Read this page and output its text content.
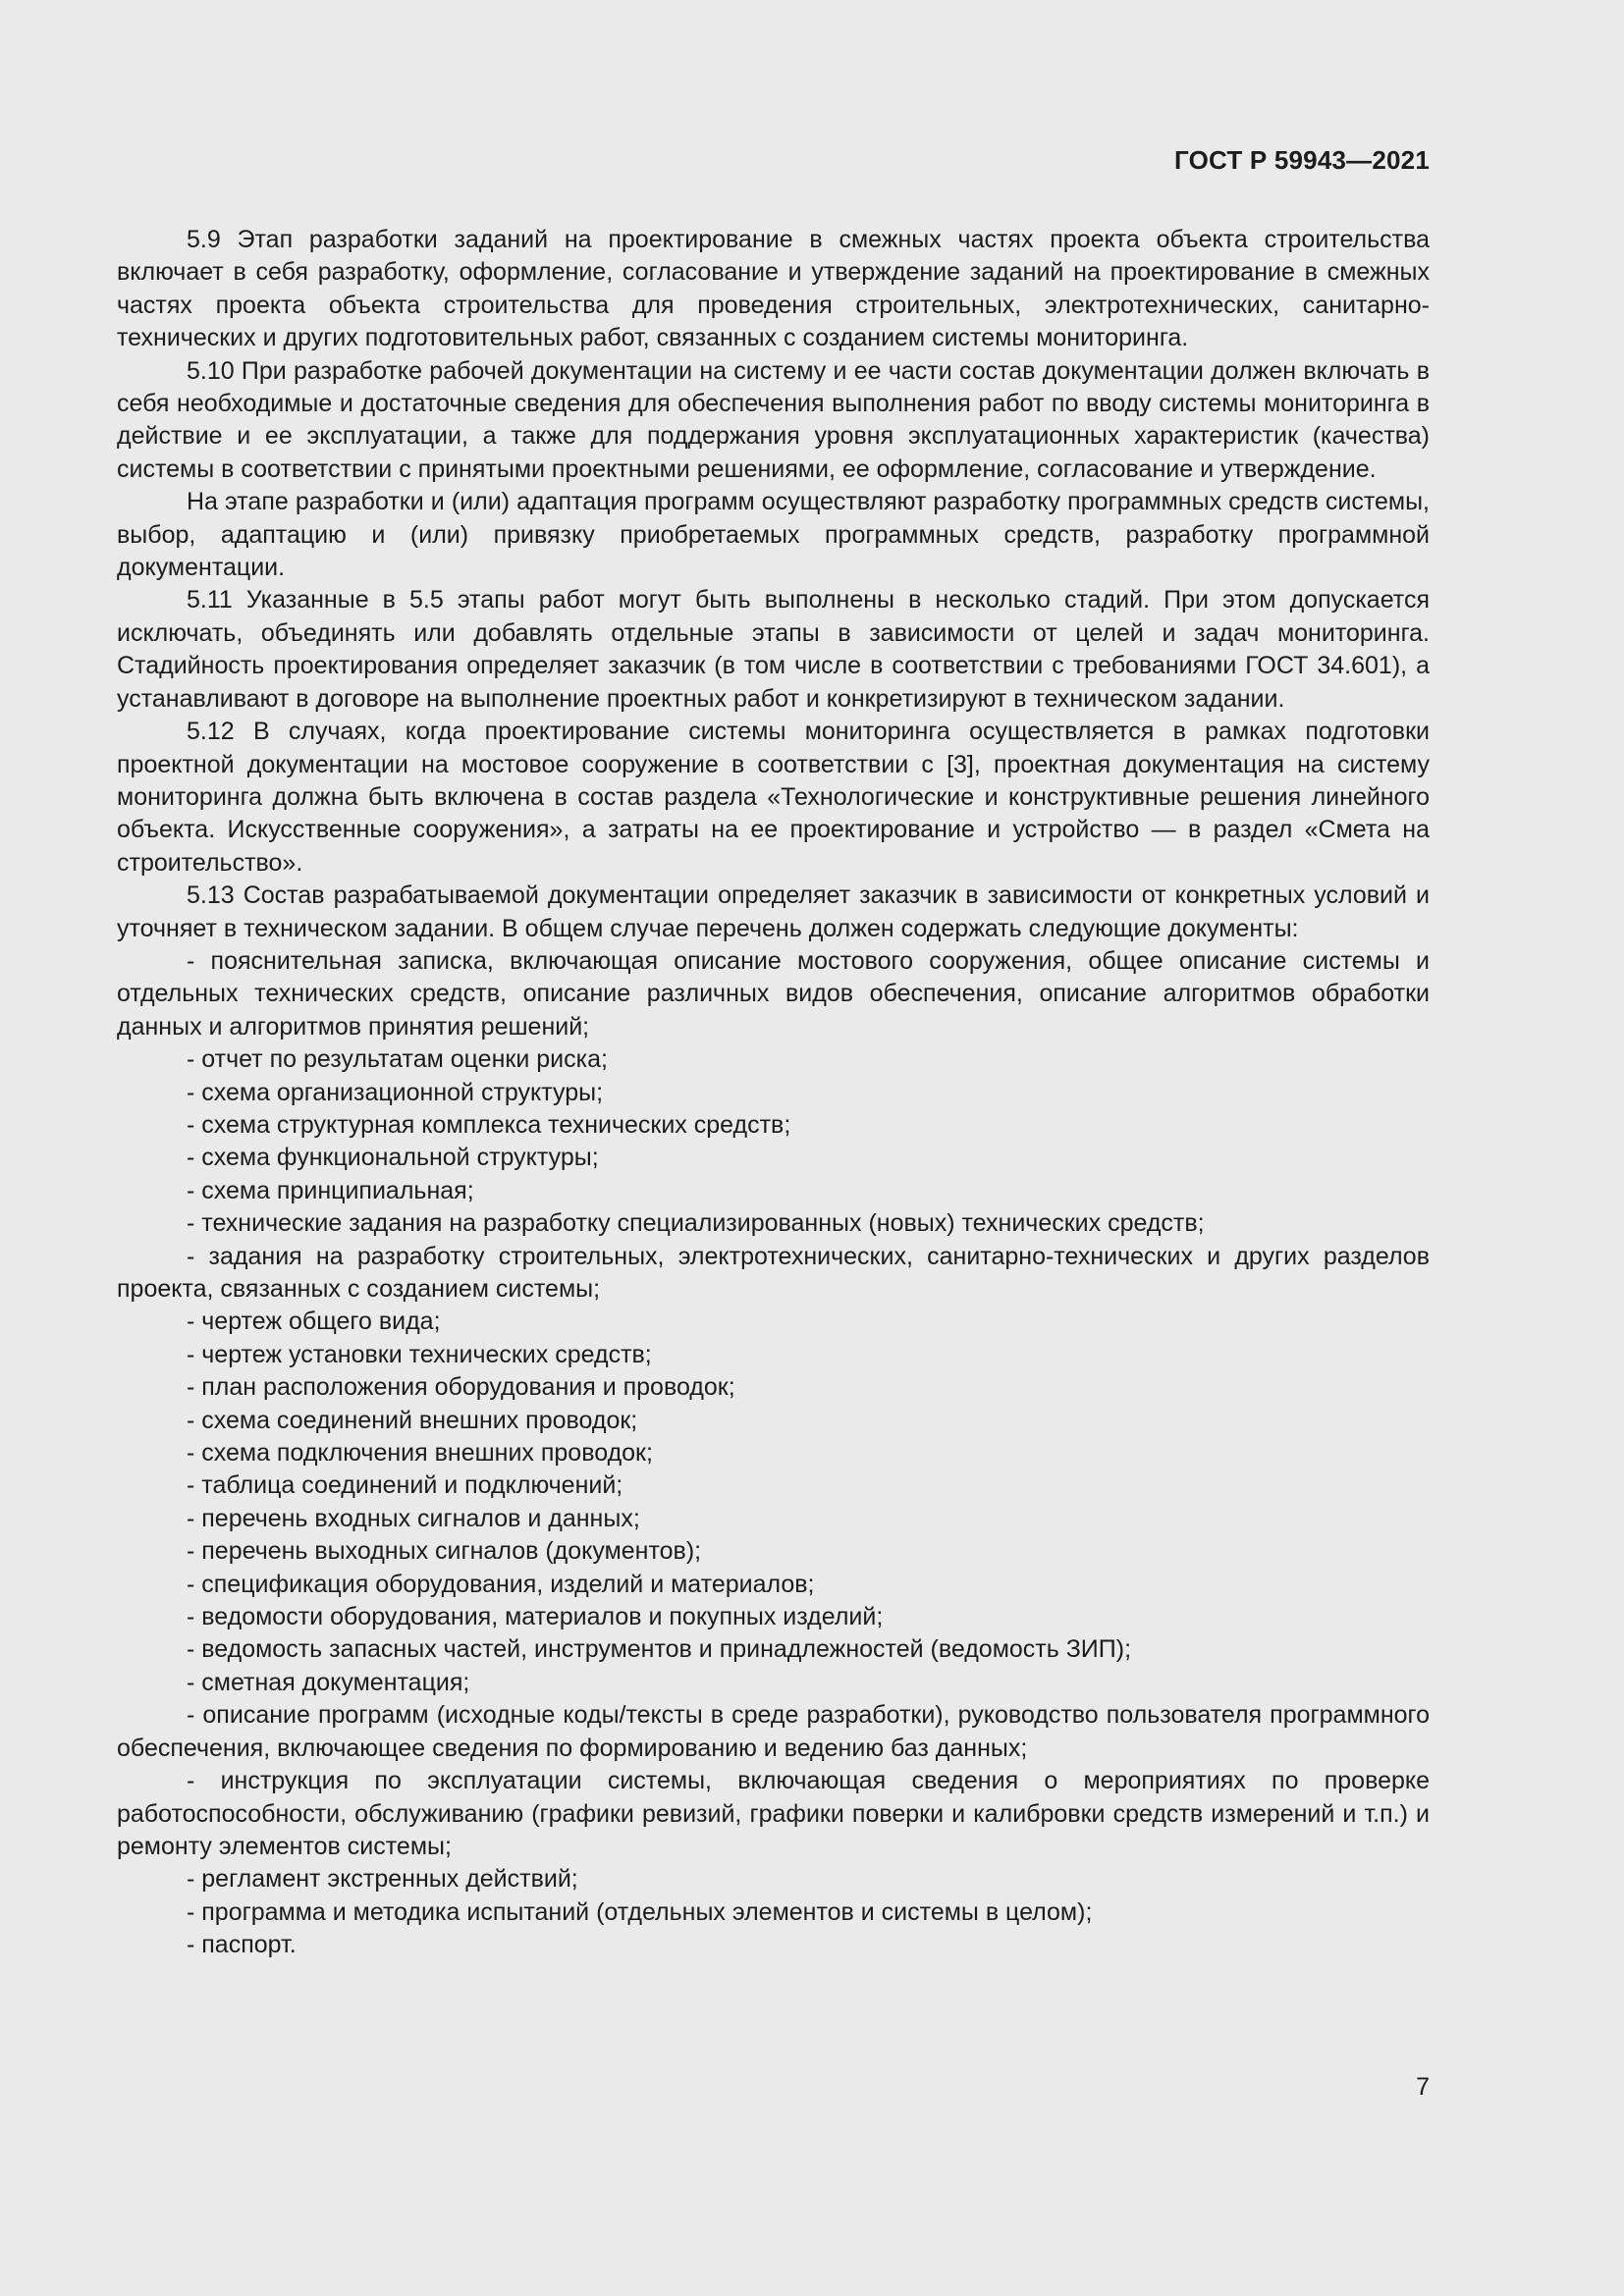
ГОСТ Р 59943—2021

5.9 Этап разработки заданий на проектирование в смежных частях проекта объекта строительства включает в себя разработку, оформление, согласование и утверждение заданий на проектирование в смежных частях проекта объекта строительства для проведения строительных, электротехнических, санитарно-технических и других подготовительных работ, связанных с созданием системы мониторинга.

5.10 При разработке рабочей документации на систему и ее части состав документации должен включать в себя необходимые и достаточные сведения для обеспечения выполнения работ по вводу системы мониторинга в действие и ее эксплуатации, а также для поддержания уровня эксплуатационных характеристик (качества) системы в соответствии с принятыми проектными решениями, ее оформление, согласование и утверждение.

На этапе разработки и (или) адаптация программ осуществляют разработку программных средств системы, выбор, адаптацию и (или) привязку приобретаемых программных средств, разработку программной документации.

5.11 Указанные в 5.5 этапы работ могут быть выполнены в несколько стадий. При этом допускается исключать, объединять или добавлять отдельные этапы в зависимости от целей и задач мониторинга. Стадийность проектирования определяет заказчик (в том числе в соответствии с требованиями ГОСТ 34.601), а устанавливают в договоре на выполнение проектных работ и конкретизируют в техническом задании.

5.12 В случаях, когда проектирование системы мониторинга осуществляется в рамках подготовки проектной документации на мостовое сооружение в соответствии с [3], проектная документация на систему мониторинга должна быть включена в состав раздела «Технологические и конструктивные решения линейного объекта. Искусственные сооружения», а затраты на ее проектирование и устройство — в раздел «Смета на строительство».

5.13 Состав разрабатываемой документации определяет заказчик в зависимости от конкретных условий и уточняет в техническом задании. В общем случае перечень должен содержать следующие документы:

- пояснительная записка, включающая описание мостового сооружения, общее описание системы и отдельных технических средств, описание различных видов обеспечения, описание алгоритмов обработки данных и алгоритмов принятия решений;
- отчет по результатам оценки риска;
- схема организационной структуры;
- схема структурная комплекса технических средств;
- схема функциональной структуры;
- схема принципиальная;
- технические задания на разработку специализированных (новых) технических средств;
- задания на разработку строительных, электротехнических, санитарно-технических и других разделов проекта, связанных с созданием системы;
- чертеж общего вида;
- чертеж установки технических средств;
- план расположения оборудования и проводок;
- схема соединений внешних проводок;
- схема подключения внешних проводок;
- таблица соединений и подключений;
- перечень входных сигналов и данных;
- перечень выходных сигналов (документов);
- спецификация оборудования, изделий и материалов;
- ведомости оборудования, материалов и покупных изделий;
- ведомость запасных частей, инструментов и принадлежностей (ведомость ЗИП);
- сметная документация;
- описание программ (исходные коды/тексты в среде разработки), руководство пользователя программного обеспечения, включающее сведения по формированию и ведению баз данных;
- инструкция по эксплуатации системы, включающая сведения о мероприятиях по проверке работоспособности, обслуживанию (графики ревизий, графики поверки и калибровки средств измерений и т.п.) и ремонту элементов системы;
- регламент экстренных действий;
- программа и методика испытаний (отдельных элементов и системы в целом);
- паспорт.
7
